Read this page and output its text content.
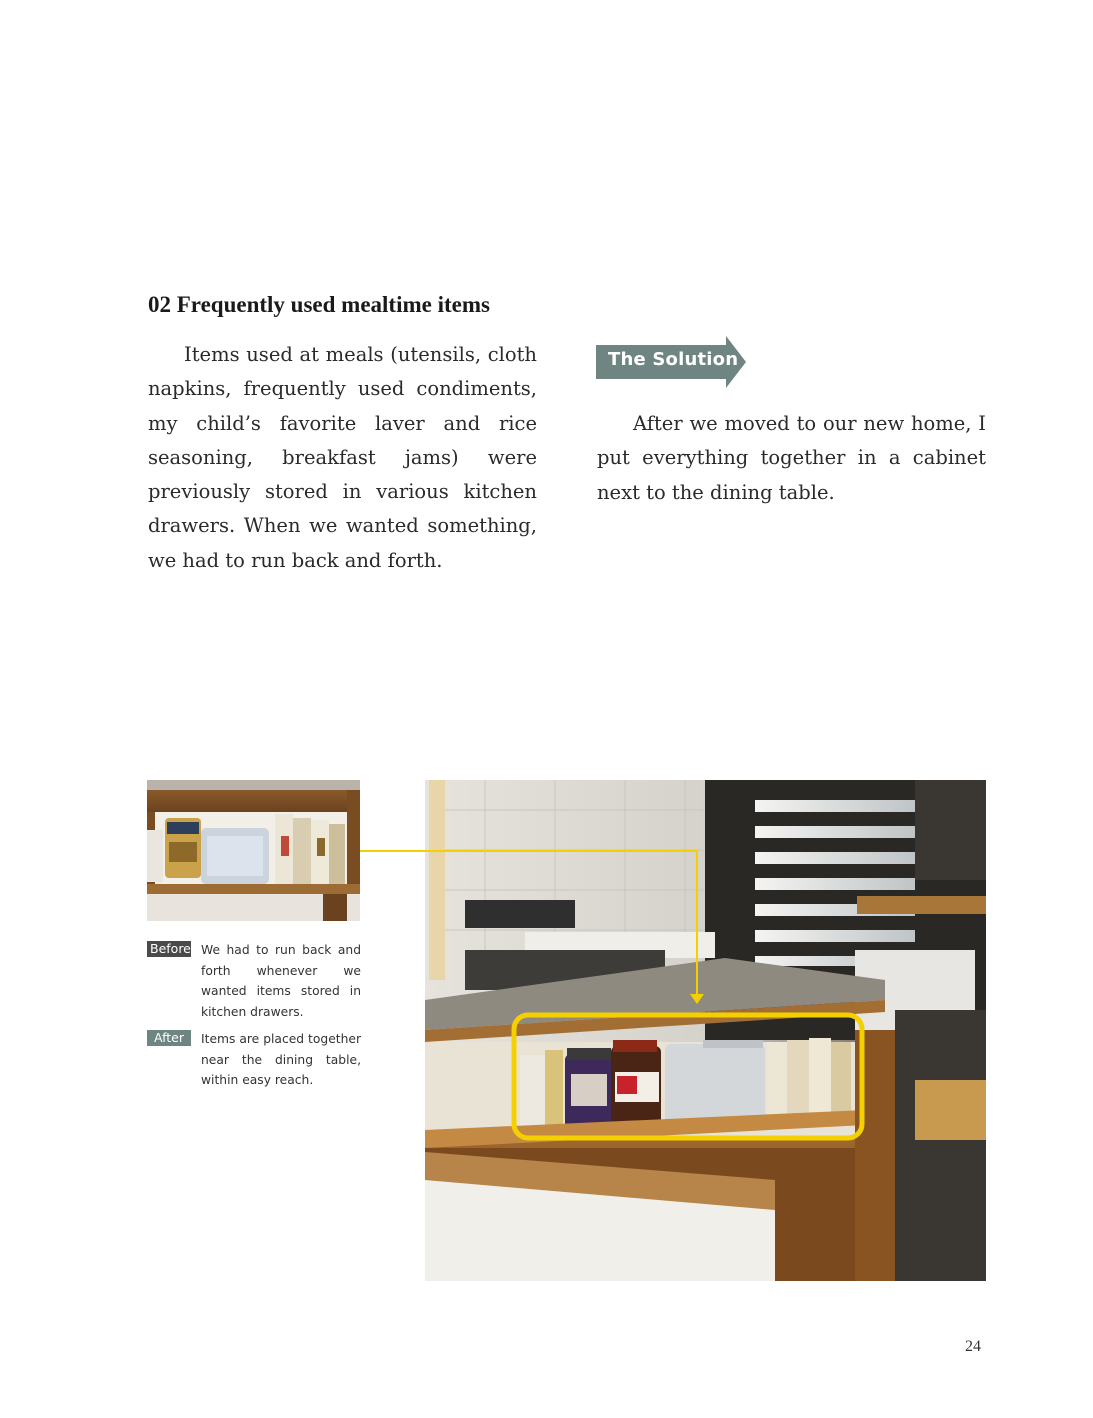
02 Frequently used mealtime items

Items used at meals (utensils, cloth napkins, frequently used condiments, my child’s favorite laver and rice seasoning, breakfast jams) were previously stored in various kitchen drawers. When we wanted something, we had to run back and forth.

The Solution

After we moved to our new home, I put everything together in a cabinet next to the dining table.

Before We had to run back and forth whenever we wanted items stored in kitchen drawers.
After	Items are placed together near the dining table, within easy reach.
24
